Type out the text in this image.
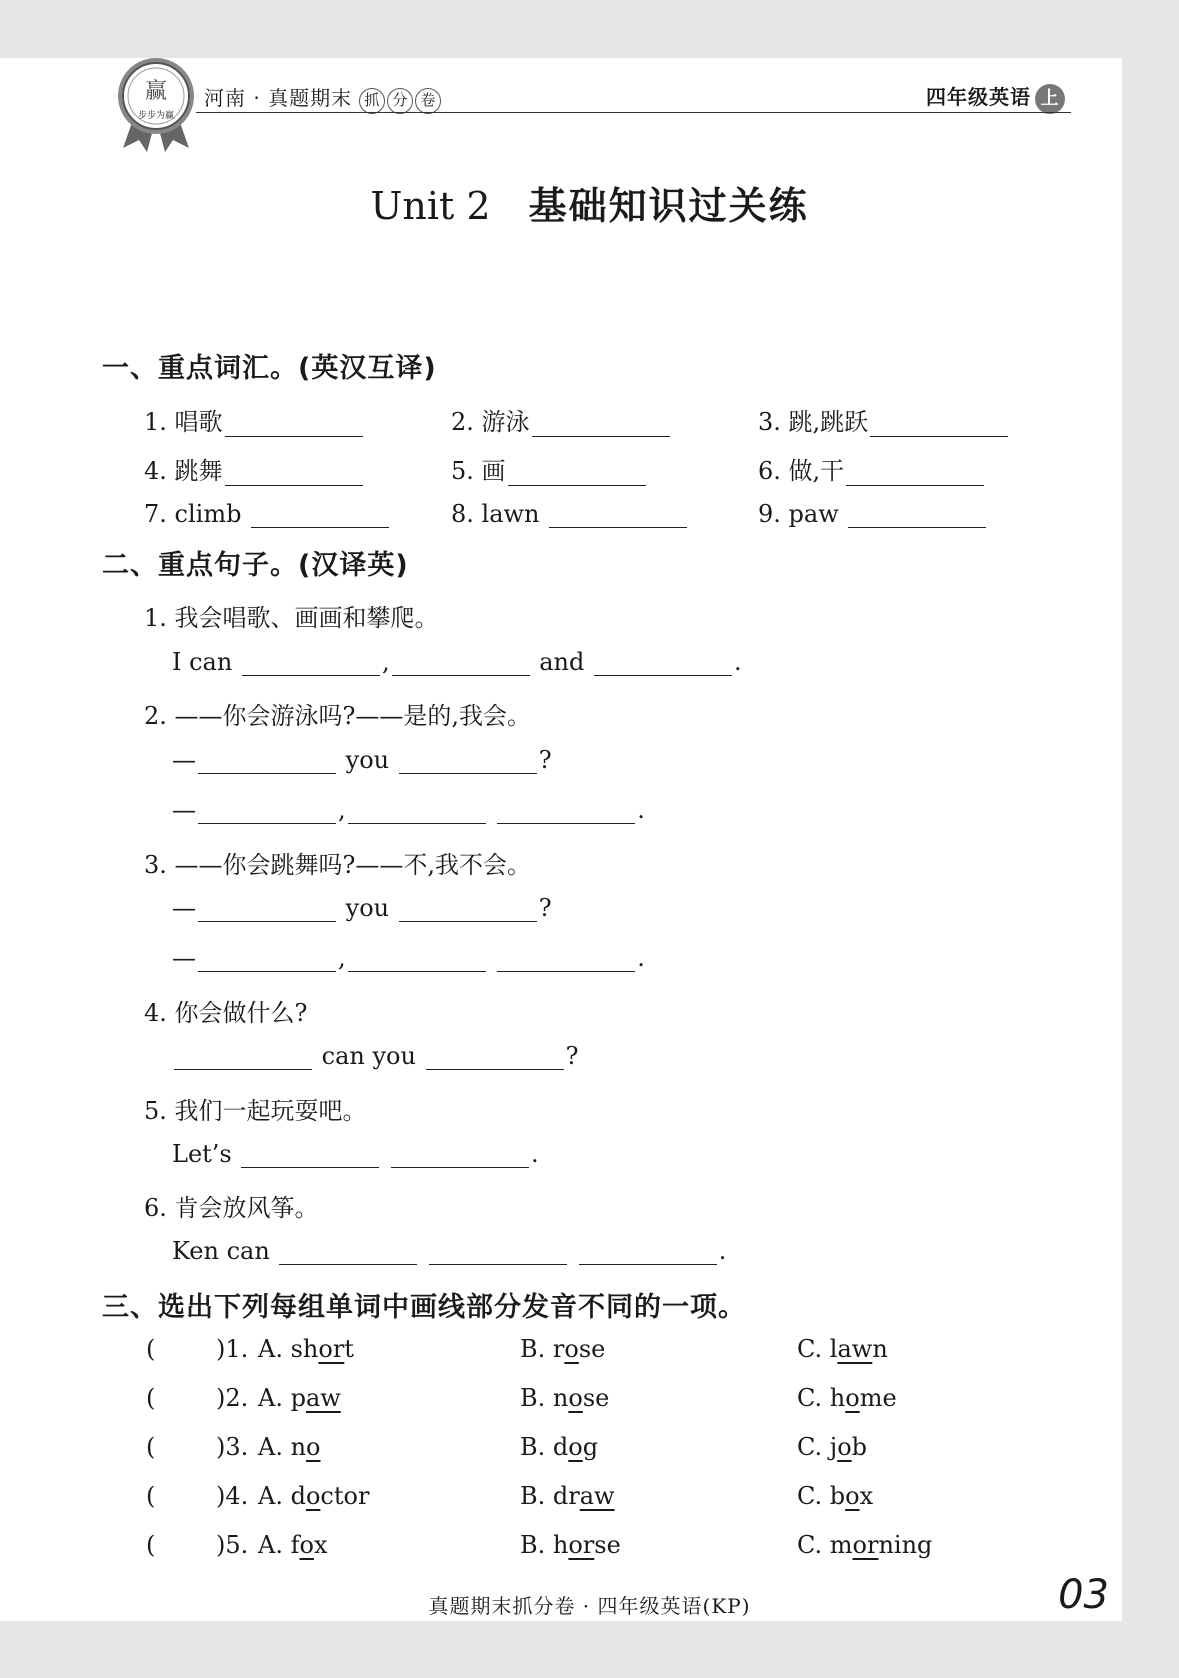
赢
步步为赢
河南 · 真题期末 抓 分 卷	四年级英语 上
Unit 2 基础知识过关练
一、重点词汇。(英汉互译)
1. 唱歌	2. 游泳	3. 跳,跳跃
4. 跳舞	5. 画	6. 做,干
7. climb	8. lawn	9. paw
二、重点句子。(汉译英)
1. 我会唱歌、画画和攀爬。
I can	,	and	.
2. ——你会游泳吗?——是的,我会。
—	you	?
—	,	.
3. ——你会跳舞吗?——不,我不会。
—	you	?
—	,	.
4. 你会做什么?
can you	?
5. 我们一起玩耍吧。
Let’s	.
6. 肯会放风筝。
Ken can	.
三、选出下列每组单词中画线部分发音不同的一项。
(	)1. A. short	B. rose	C. lawn
(	)2. A. paw	B. nose	C. home
(	)3. A. no	B. dog	C. job
(	)4. A. doctor	B. draw	C. box
(	)5. A. fox	B. horse	C. morning
真题期末抓分卷 · 四年级英语(KP)	03
